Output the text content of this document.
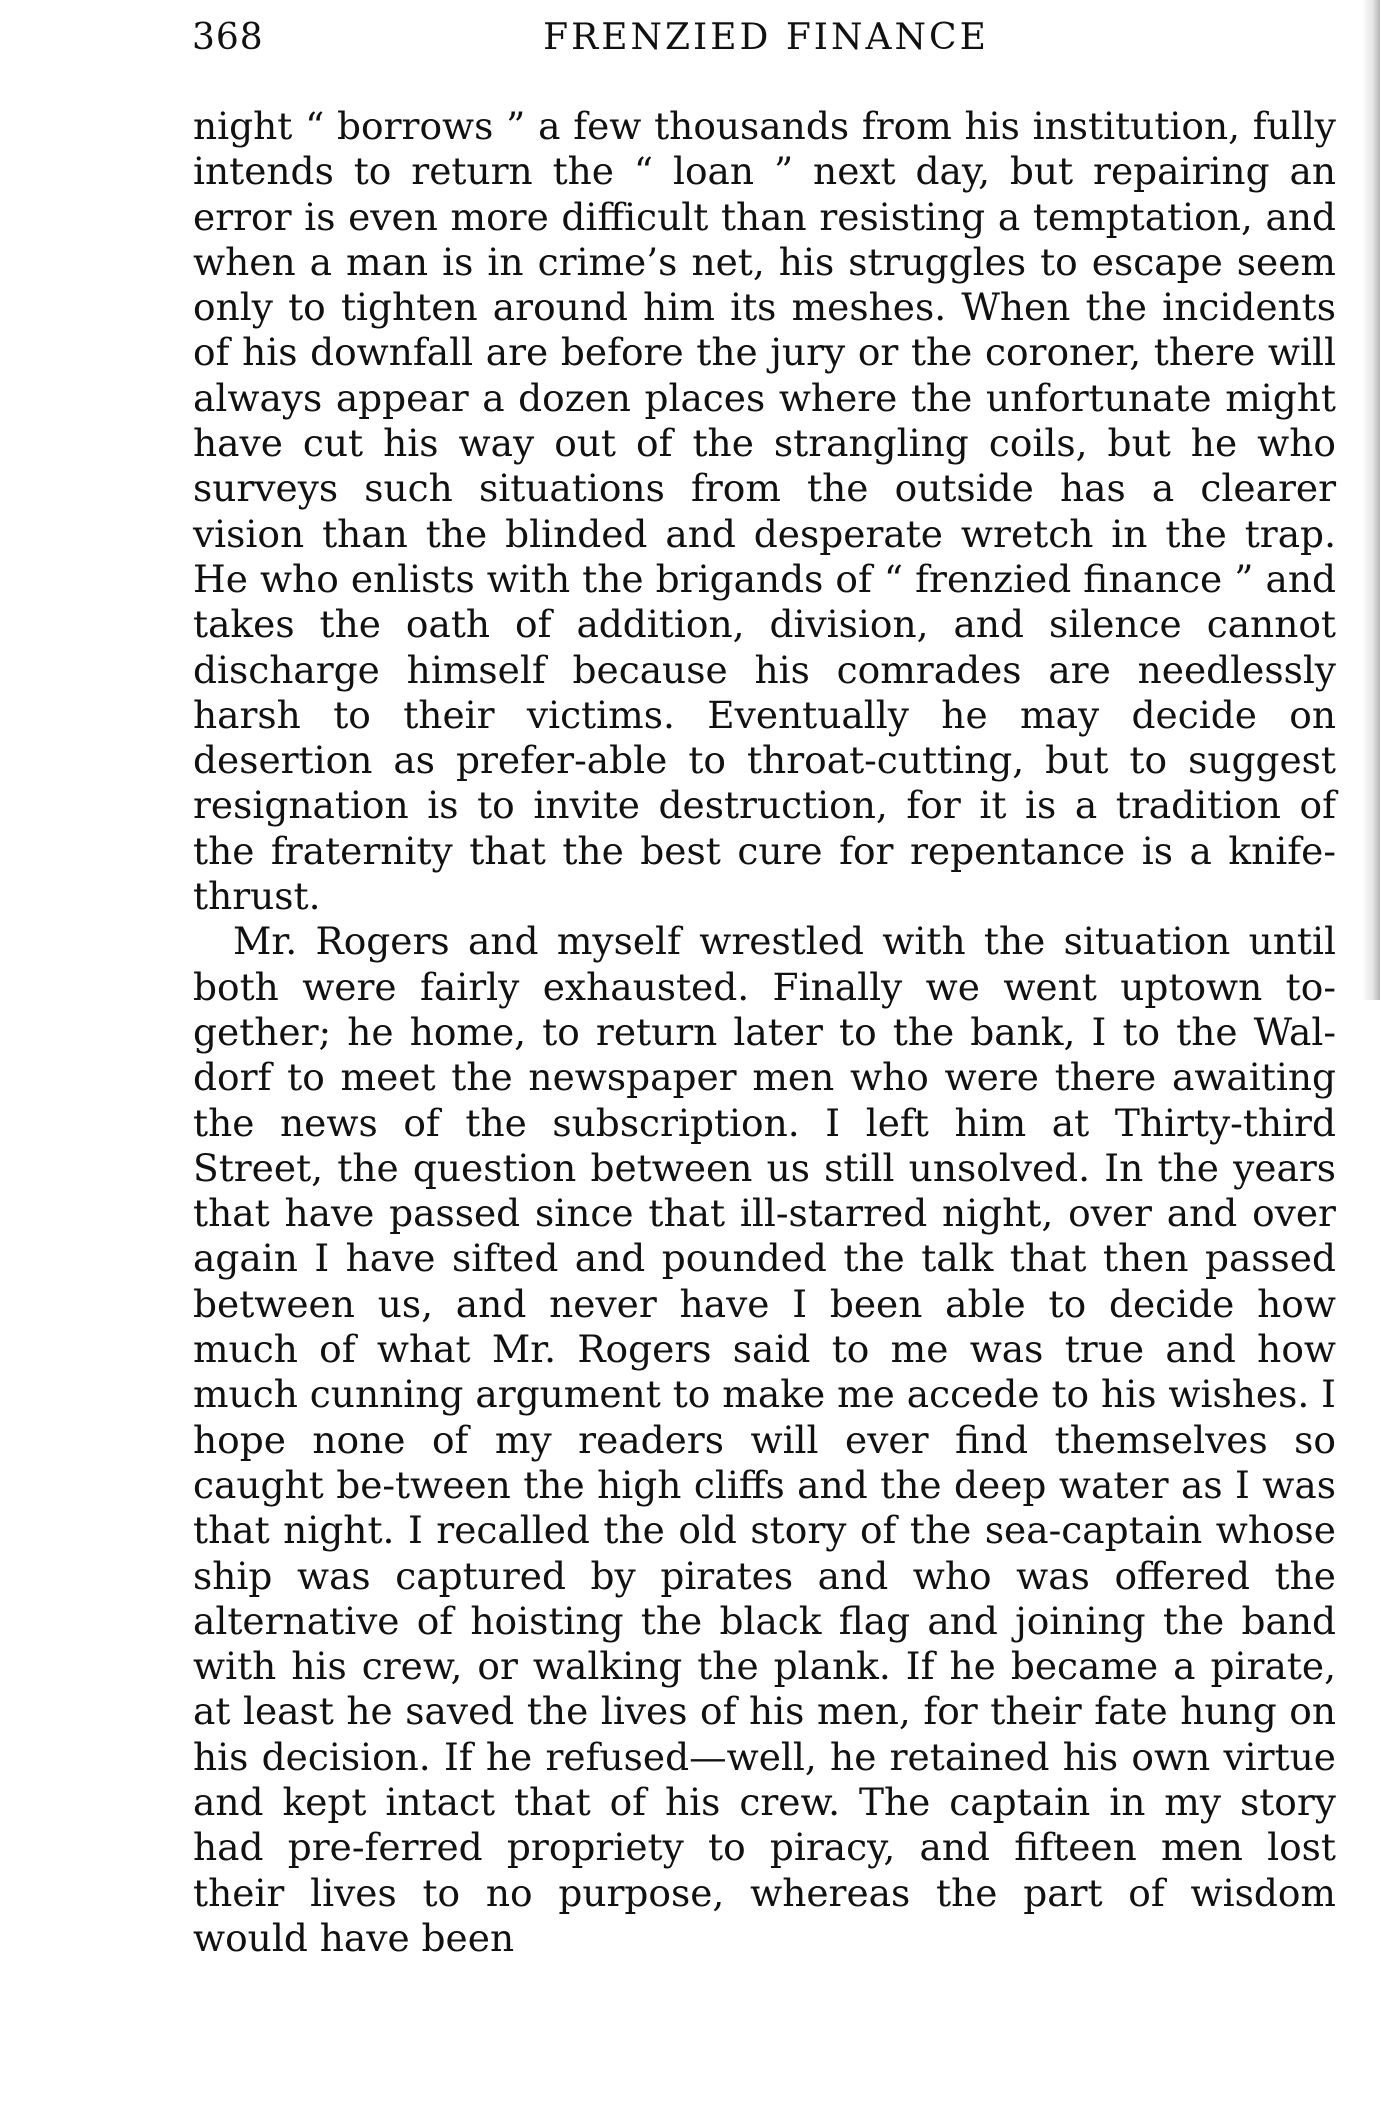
368	FRENZIED FINANCE

night “ borrows ” a few thousands from his institution, fully intends to return the “ loan ” next day, but repairing an error is even more difficult than resisting a temptation, and when a man is in crime’s net, his struggles to escape seem only to tighten around him its meshes. When the incidents of his downfall are before the jury or the coroner, there will always appear a dozen places where the unfortunate might have cut his way out of the strangling coils, but he who surveys such situations from the outside has a clearer vision than the blinded and desperate wretch in the trap. He who enlists with the brigands of “ frenzied finance ” and takes the oath of addition, division, and silence cannot discharge himself because his comrades are needlessly harsh to their victims. Eventually he may decide on desertion as prefer-able to throat-cutting, but to suggest resignation is to invite destruction, for it is a tradition of the fraternity that the best cure for repentance is a knife-thrust.

Mr. Rogers and myself wrestled with the situation until both were fairly exhausted. Finally we went uptown to-gether; he home, to return later to the bank, I to the Wal-dorf to meet the newspaper men who were there awaiting the news of the subscription. I left him at Thirty-third Street, the question between us still unsolved. In the years that have passed since that ill-starred night, over and over again I have sifted and pounded the talk that then passed between us, and never have I been able to decide how much of what Mr. Rogers said to me was true and how much cunning argument to make me accede to his wishes. I hope none of my readers will ever find themselves so caught be-tween the high cliffs and the deep water as I was that night. I recalled the old story of the sea-captain whose ship was captured by pirates and who was offered the alternative of hoisting the black flag and joining the band with his crew, or walking the plank. If he became a pirate, at least he saved the lives of his men, for their fate hung on his decision. If he refused—well, he retained his own virtue and kept intact that of his crew. The captain in my story had pre-ferred propriety to piracy, and fifteen men lost their lives to no purpose, whereas the part of wisdom would have been
